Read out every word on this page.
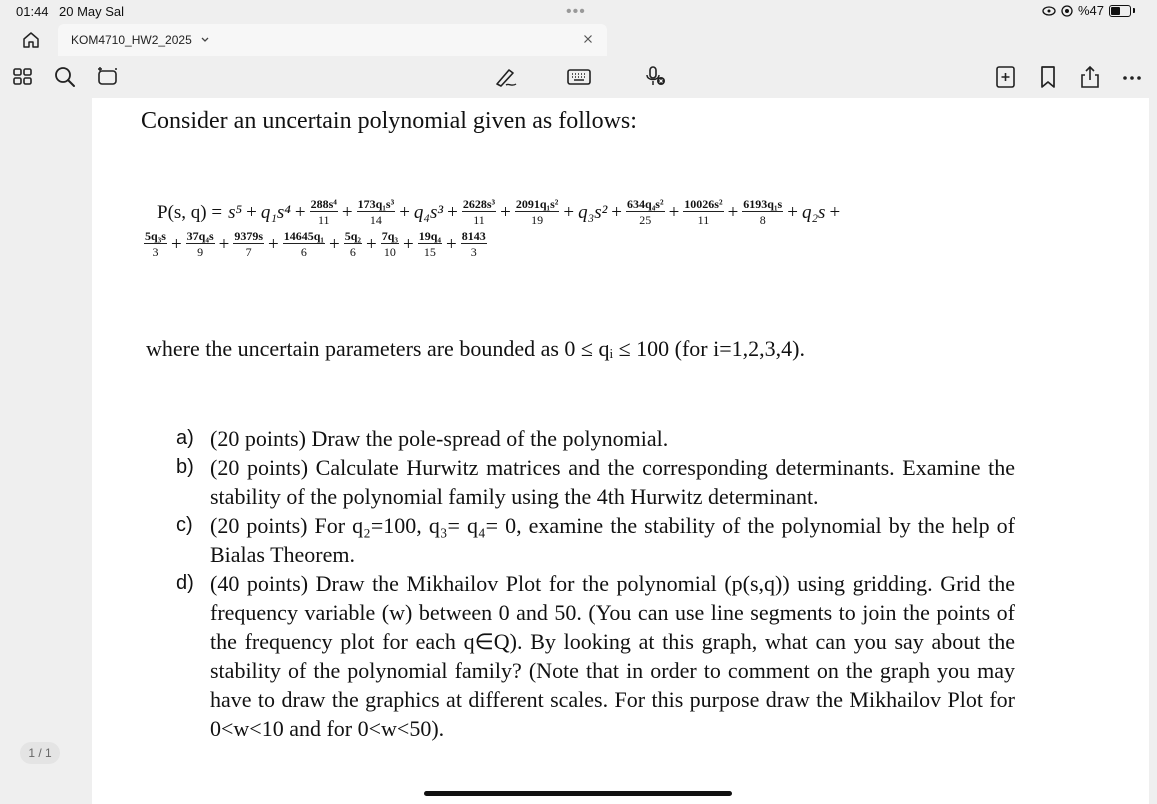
01:44 20 May Sal	•••	%47
KOM4710_HW2_2025
Consider an uncertain polynomial given as follows:
P(s, $q) = s^5 + q_1s^4 + \frac{\text{288s⁴}}{11} + \frac{\text{173q₁s³}}{14} + q_4s^3 + \frac{\text{2628s³}}{11} + \frac{\text{2091q₁s²}}{19} + q_3s^2 + \frac{\text{634q₄s²}}{25} + \frac{\text{10026s²}}{11} + \frac{\text{6193q₁s}}{8} + q_2s$ +
$\frac{\text{5q₃s}}{3} + \frac{\text{37q₄s}}{9} + \frac{9379s}{7} + \frac{\text{14645q₁}}{6} + \frac{\text{5q₂}}{6} + \frac{\text{7q₃}}{10} + \frac{\text{19q₄}}{15} + \frac{8143}{3}$
where the uncertain parameters are bounded as 0 ≤ qᵢ ≤ 100 (for i=1,2,3,4).
a) (20 points) Draw the pole-spread of the polynomial.
b) (20 points) Calculate Hurwitz matrices and the corresponding determinants. Examine the stability of the polynomial family using the 4th Hurwitz determinant.
c) (20 points) For q₂=100, q₃= q₄= 0, examine the stability of the polynomial by the help of Bialas Theorem.
d) (40 points) Draw the Mikhailov Plot for the polynomial (p(s,q)) using gridding. Grid the frequency variable (w) between 0 and 50. (You can use line segments to join the points of the frequency plot for each q∈Q). By looking at this graph, what can you say about the stability of the polynomial family? (Note that in order to comment on the graph you may have to draw the graphics at different scales. For this purpose draw the Mikhailov Plot for 0<w<10 and for 0<w<50).
1 / 1
